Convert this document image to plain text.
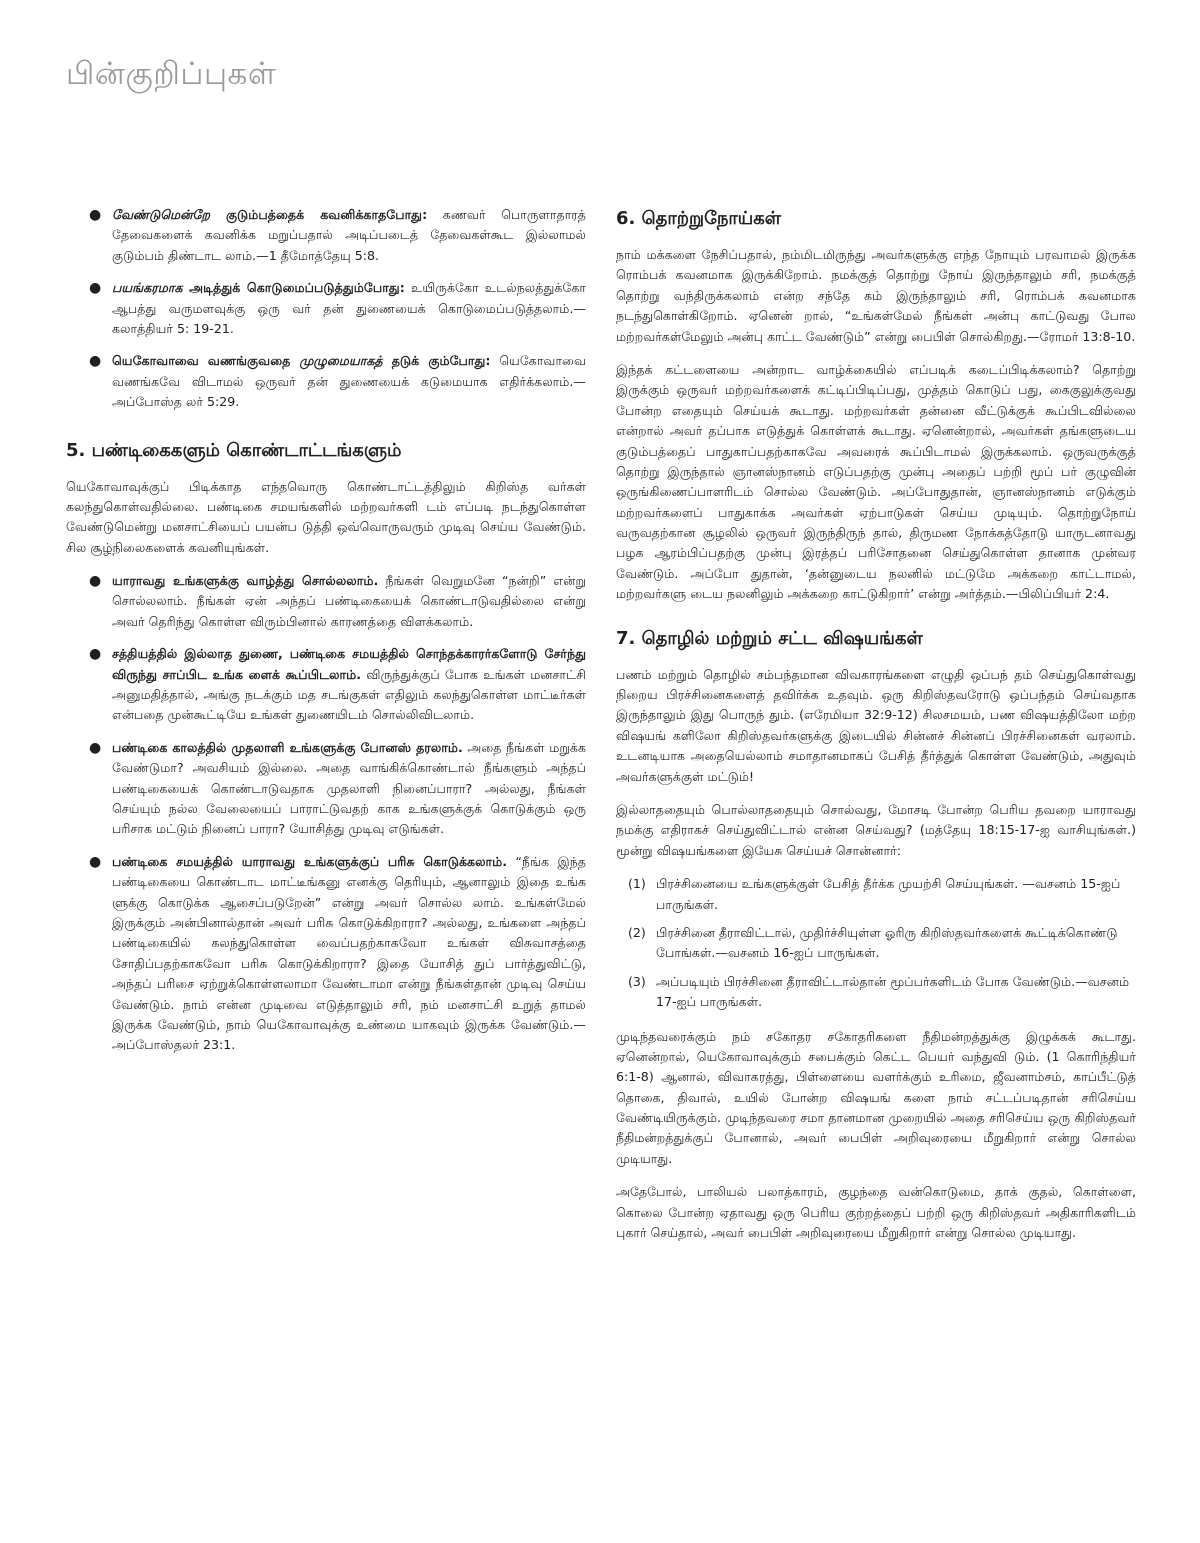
பின்குறிப்புகள்
● வேண்டுமென்றே குடும்பத்தைக் கவனிக்காதபோது: கணவர் பொருளாதாரத் தேவைகளைக் கவனிக்க மறுப்பதால் அடிப்படைத் தேவைகள்கூட இல்லாமல் குடும்பம் திண்டாட லாம்.—1 தீமோத்தேயு 5:8.
● பயங்கரமாக அடித்துக் கொடுமைப்படுத்தும்போது: உயிருக்கோ உடல்நலத்துக்கோ ஆபத்து வருமளவுக்கு ஒரு வர் தன் துணையைக் கொடுமைப்படுத்தலாம்.—கலாத்தியர் 5: 19-21.
● யெகோவாவை வணங்குவதை முழுமையாகத் தடுக் கும்போது: யெகோவாவை வணங்கவே விடாமல் ஒருவர் தன் துணையைக் கடுமையாக எதிர்க்கலாம்.—அப்போஸ்த லர் 5:29.
5. பண்டிகைகளும் கொண்டாட்டங்களும்

யெகோவாவுக்குப் பிடிக்காத எந்தவொரு கொண்டாட்டத்திலும் கிறிஸ்த வர்கள் கலந்துகொள்வதில்லை. பண்டிகை சமயங்களில் மற்றவர்களி டம் எப்படி நடந்துகொள்ள வேண்டுமென்று மனசாட்சியைப் பயன்ப டுத்தி ஒவ்வொருவரும் முடிவு செய்ய வேண்டும். சில சூழ்நிலைகளைக் கவனியுங்கள்.

● யாராவது உங்களுக்கு வாழ்த்து சொல்லலாம். நீங்கள் வெறுமனே “நன்றி” என்று சொல்லலாம். நீங்கள் ஏன் அந்தப் பண்டிகையைக் கொண்டாடுவதில்லை என்று அவர் தெரிந்து கொள்ள விரும்பினால் காரணத்தை விளக்கலாம்.
● சத்தியத்தில் இல்லாத துணை, பண்டிகை சமயத்தில் சொந்தக்காரர்களோடு சேர்ந்து விருந்து சாப்பிட உங்க ளைக் கூப்பிடலாம். விருந்துக்குப் போக உங்கள் மனசாட்சி அனுமதித்தால், அங்கு நடக்கும் மத சடங்குகள் எதிலும் கலந்துகொள்ள மாட்டீர்கள் என்பதை முன்கூட்டியே உங்கள் துணையிடம் சொல்லிவிடலாம்.
● பண்டிகை காலத்தில் முதலாளி உங்களுக்கு போனஸ் தரலாம். அதை நீங்கள் மறுக்க வேண்டுமா? அவசியம் இல்லை. அதை வாங்கிக்கொண்டால் நீங்களும் அந்தப் பண்டிகையைக் கொண்டாடுவதாக முதலாளி நினைப்பாரா? அல்லது, நீங்கள் செய்யும் நல்ல வேலையைப் பாராட்டுவதற் காக உங்களுக்குக் கொடுக்கும் ஒரு பரிசாக மட்டும் நினைப் பாரா? யோசித்து முடிவு எடுங்கள்.
● பண்டிகை சமயத்தில் யாராவது உங்களுக்குப் பரிசு கொடுக்கலாம். “நீங்க இந்த பண்டிகையை கொண்டாட மாட்டீங்கனு எனக்கு தெரியும், ஆனாலும் இதை உங்க ளுக்கு கொடுக்க ஆசைப்படுறேன்” என்று அவர் சொல்ல லாம். உங்கள்மேல் இருக்கும் அன்பினால்தான் அவர் பரிசு கொடுக்கிறாரா? அல்லது, உங்களை அந்தப் பண்டிகையில் கலந்துகொள்ள வைப்பதற்காகவோ உங்கள் விசுவாசத்தை சோதிப்பதற்காகவோ பரிசு கொடுக்கிறாரா? இதை யோசித் துப் பார்த்துவிட்டு, அந்தப் பரிசை ஏற்றுக்கொள்ளலாமா வேண்டாமா என்று நீங்கள்தான் முடிவு செய்ய வேண்டும். நாம் என்ன முடிவை எடுத்தாலும் சரி, நம் மனசாட்சி உறுத் தாமல் இருக்க வேண்டும், நாம் யெகோவாவுக்கு உண்மை யாகவும் இருக்க வேண்டும்.—அப்போஸ்தலர் 23:1.
6. தொற்றுநோய்கள்

நாம் மக்களை நேசிப்பதால், நம்மிடமிருந்து அவர்களுக்கு எந்த நோயும் பரவாமல் இருக்க ரொம்பக் கவனமாக இருக்கிறோம். நமக்குத் தொற்று நோய் இருந்தாலும் சரி, நமக்குத் தொற்று வந்திருக்கலாம் என்ற சந்தே கம் இருந்தாலும் சரி, ரொம்பக் கவனமாக நடந்துகொள்கிறோம். ஏனென் றால், “உங்கள்மேல் நீங்கள் அன்பு காட்டுவது போல மற்றவர்கள்மேலும் அன்பு காட்ட வேண்டும்” என்று பைபிள் சொல்கிறது.—ரோமர் 13:8-10.

இந்தக் கட்டளையை அன்றாட வாழ்க்கையில் எப்படிக் கடைப்பிடிக்கலாம்? தொற்று இருக்கும் ஒருவர் மற்றவர்களைக் கட்டிப்பிடிப்பது, முத்தம் கொடுப் பது, கைகுலுக்குவது போன்ற எதையும் செய்யக் கூடாது. மற்றவர்கள் தன்னை வீட்டுக்குக் கூப்பிடவில்லை என்றால் அவர் தப்பாக எடுத்துக் கொள்ளக் கூடாது. ஏனென்றால், அவர்கள் தங்களுடைய குடும்பத்தைப் பாதுகாப்பதற்காகவே அவரைக் கூப்பிடாமல் இருக்கலாம். ஒருவருக்குத் தொற்று இருந்தால் ஞானஸ்நானம் எடுப்பதற்கு முன்பு அதைப் பற்றி மூப் பர் குழுவின் ஒருங்கிணைப்பாளரிடம் சொல்ல வேண்டும். அப்போதுதான், ஞானஸ்நானம் எடுக்கும் மற்றவர்களைப் பாதுகாக்க அவர்கள் ஏற்பாடுகள் செய்ய முடியும். தொற்றுநோய் வருவதற்கான சூழலில் ஒருவர் இருந்திருந் தால், திருமண நோக்கத்தோடு யாருடனாவது பழக ஆரம்பிப்பதற்கு முன்பு இரத்தப் பரிசோதனை செய்துகொள்ள தானாக முன்வர வேண்டும். அப்போ துதான், ‘தன்னுடைய நலனில் மட்டுமே அக்கறை காட்டாமல், மற்றவர்களு டைய நலனிலும் அக்கறை காட்டுகிறார்’ என்று அர்த்தம்.—பிலிப்பியர் 2:4.

7. தொழில் மற்றும் சட்ட விஷயங்கள்

பணம் மற்றும் தொழில் சம்பந்தமான விவகாரங்களை எழுதி ஒப்பந் தம் செய்துகொள்வது நிறைய பிரச்சினைகளைத் தவிர்க்க உதவும். ஒரு கிறிஸ்தவரோடு ஒப்பந்தம் செய்வதாக இருந்தாலும் இது பொருந் தும். (எரேமியா 32:9-12) சிலசமயம், பண விஷயத்திலோ மற்ற விஷயங் களிலோ கிறிஸ்தவர்களுக்கு இடையில் சின்னச் சின்னப் பிரச்சினைகள் வரலாம். உடனடியாக அதையெல்லாம் சமாதானமாகப் பேசித் தீர்த்துக் கொள்ள வேண்டும், அதுவும் அவர்களுக்குள் மட்டும்!

இல்லாததையும் பொல்லாததையும் சொல்வது, மோசடி போன்ற பெரிய தவறை யாராவது நமக்கு எதிராகச் செய்துவிட்டால் என்ன செய்வது? (மத்தேயு 18:15-17-ஐ வாசியுங்கள்.) மூன்று விஷயங்களை இயேசு செய்யச் சொன்னார்:

(1) பிரச்சினையை உங்களுக்குள் பேசித் தீர்க்க முயற்சி செய்யுங்கள். —வசனம் 15-ஐப் பாருங்கள்.
(2) பிரச்சினை தீராவிட்டால், முதிர்ச்சியுள்ள ஓரிரு கிறிஸ்தவர்களைக் கூட்டிக்கொண்டு போங்கள்.—வசனம் 16-ஐப் பாருங்கள்.
(3) அப்படியும் பிரச்சினை தீராவிட்டால்தான் மூப்பர்களிடம் போக வேண்டும்.—வசனம் 17-ஐப் பாருங்கள்.

முடிந்தவரைக்கும் நம் சகோதர சகோதரிகளை நீதிமன்றத்துக்கு இழுக்கக் கூடாது. ஏனென்றால், யெகோவாவுக்கும் சபைக்கும் கெட்ட பெயர் வந்துவி டும். (1 கொரிந்தியர் 6:1-8) ஆனால், விவாகரத்து, பிள்ளையை வளர்க்கும் உரிமை, ஜீவனாம்சம், காப்பீட்டுத் தொகை, திவால், உயில் போன்ற விஷயங் களை நாம் சட்டப்படிதான் சரிசெய்ய வேண்டியிருக்கும். முடிந்தவரை சமா தானமான முறையில் அதை சரிசெய்ய ஒரு கிறிஸ்தவர் நீதிமன்றத்துக்குப் போனால், அவர் பைபிள் அறிவுரையை மீறுகிறார் என்று சொல்ல முடியாது.

அதேபோல், பாலியல் பலாத்காரம், குழந்தை வன்கொடுமை, தாக் குதல், கொள்ளை, கொலை போன்ற ஏதாவது ஒரு பெரிய குற்றத்தைப் பற்றி ஒரு கிறிஸ்தவர் அதிகாரிகளிடம் புகார் செய்தால், அவர் பைபிள் அறிவுரையை மீறுகிறார் என்று சொல்ல முடியாது.
